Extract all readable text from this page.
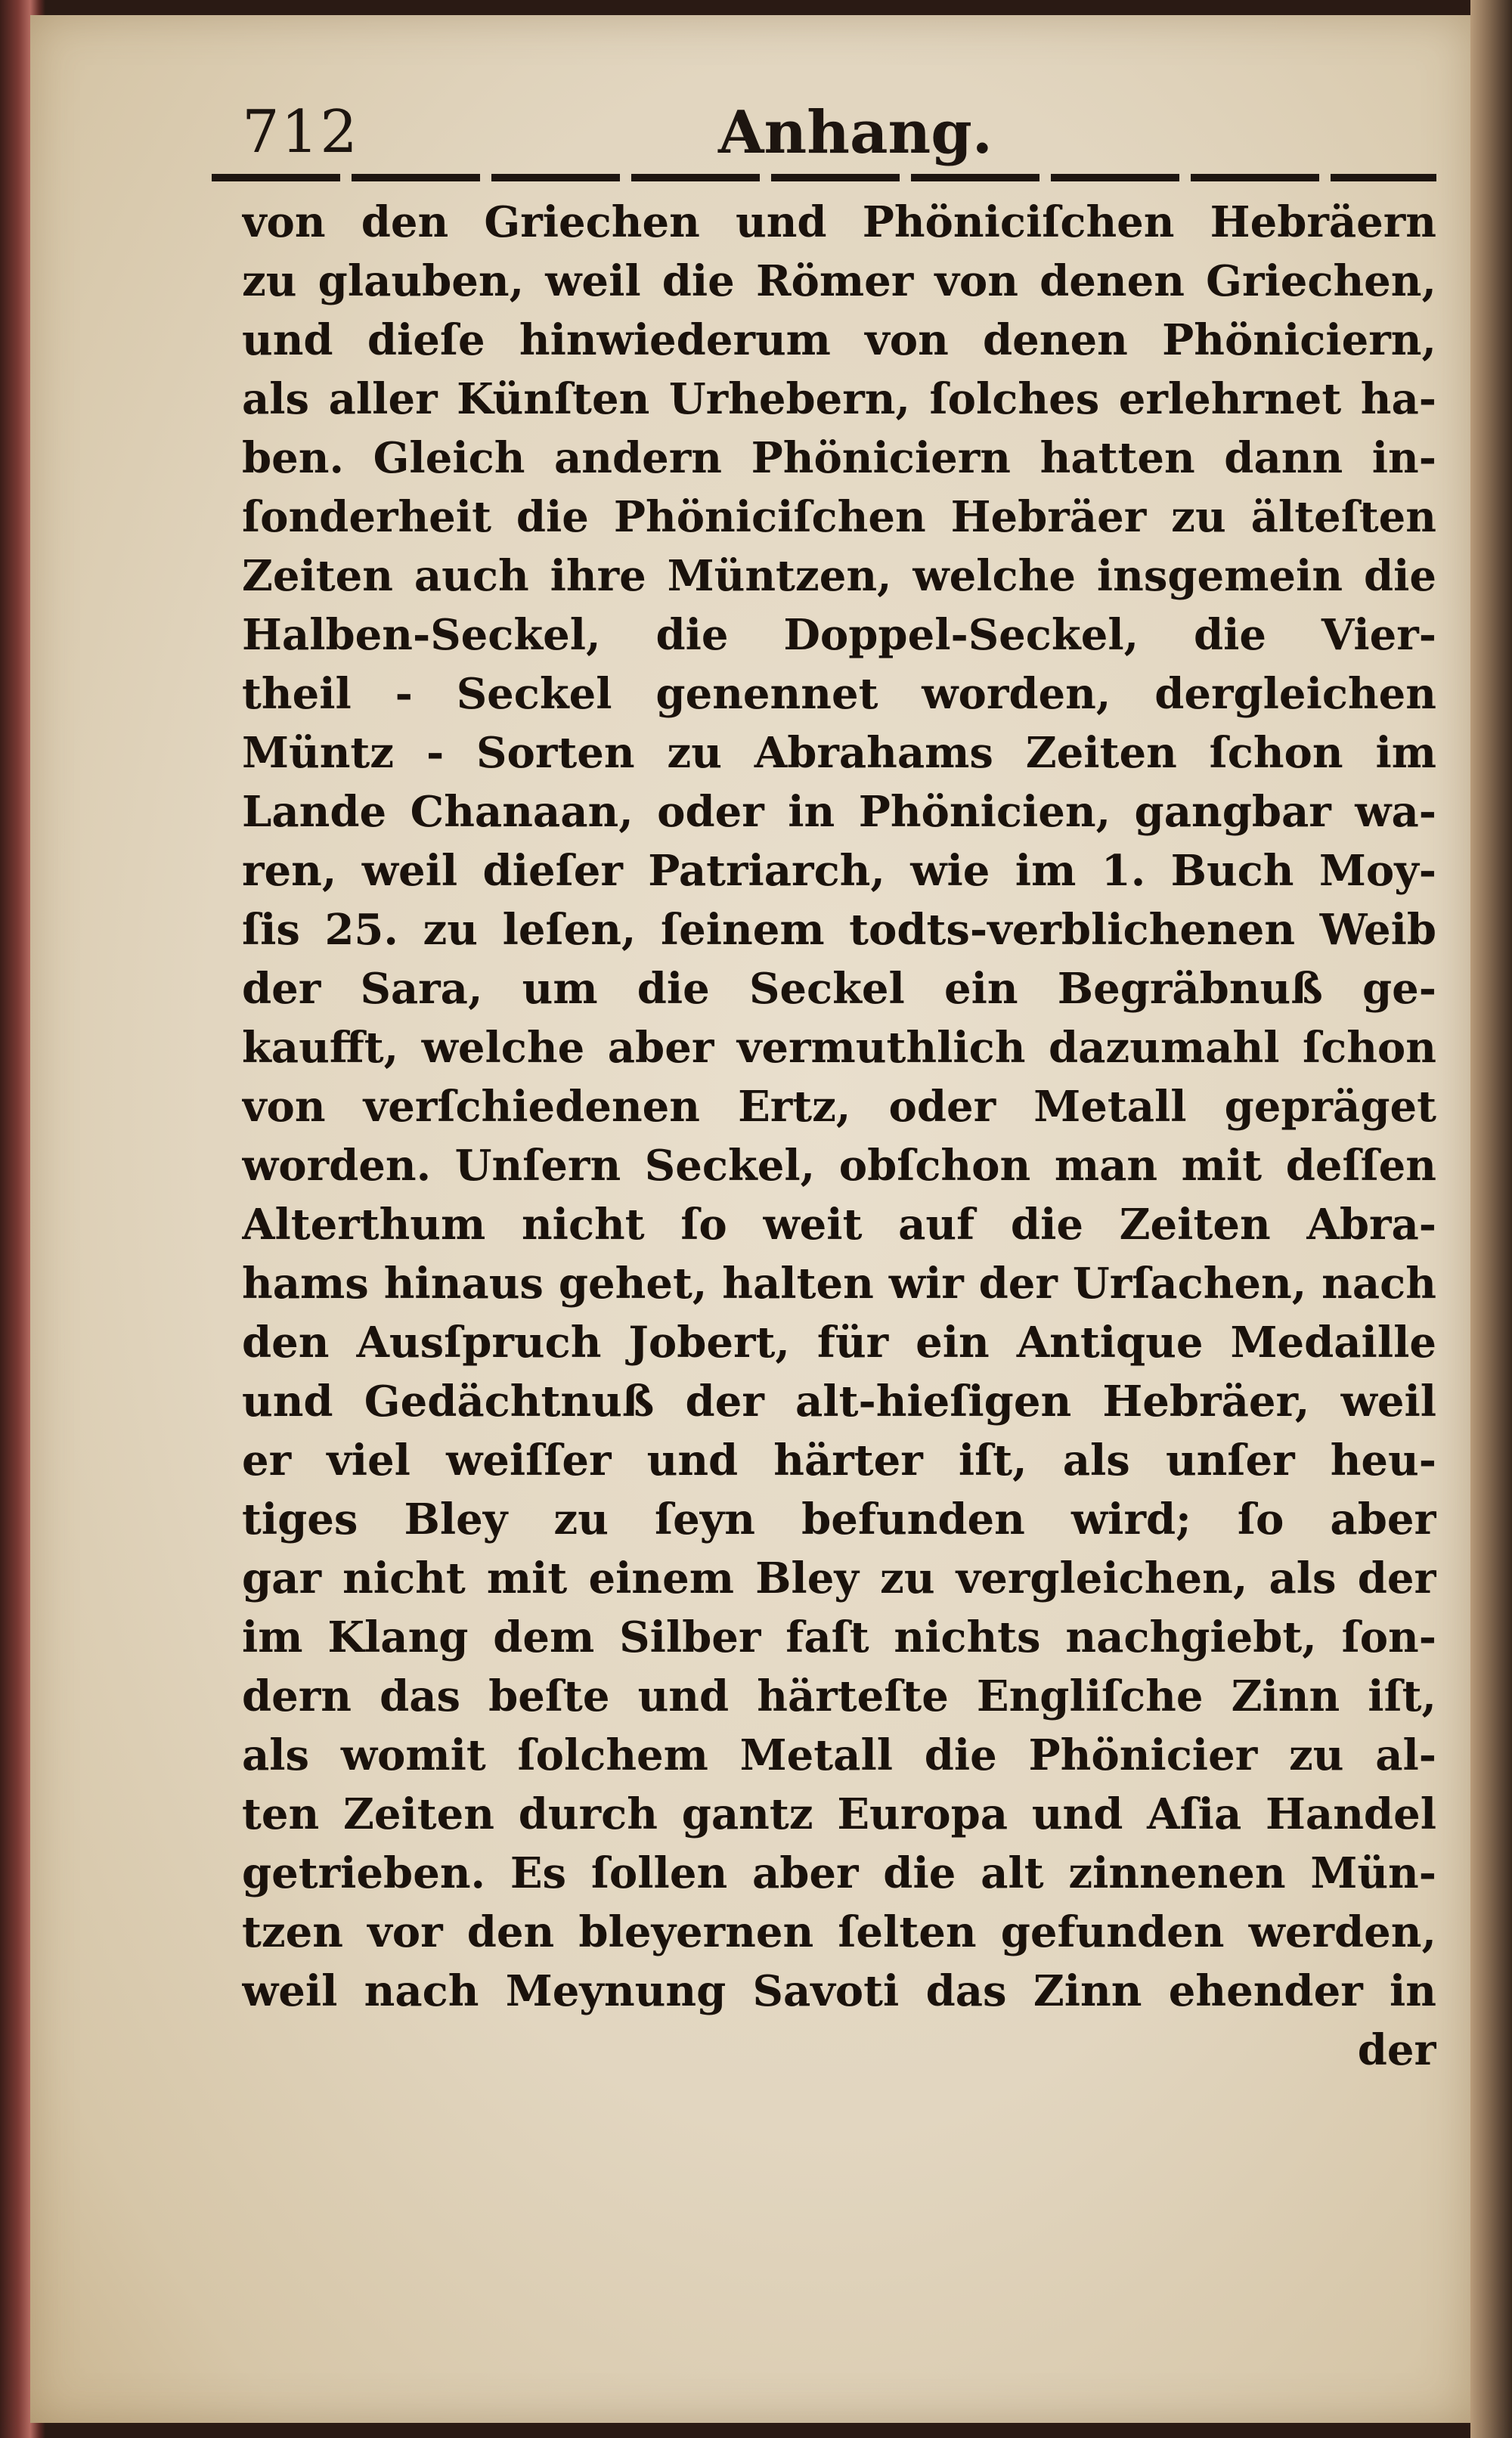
712	Anhang.
von den Griechen und Phöniciſchen Hebräern
zu glauben, weil die Römer von denen Griechen,
und dieſe hinwiederum von denen Phöniciern,
als aller Künſten Urhebern, ſolches erlehrnet ha-
ben. Gleich andern Phöniciern hatten dann in-
ſonderheit die Phöniciſchen Hebräer zu älteſten
Zeiten auch ihre Müntzen, welche insgemein die
Halben-Seckel, die Doppel-Seckel, die Vier-
theil - Seckel genennet worden, dergleichen
Müntz - Sorten zu Abrahams Zeiten ſchon im
Lande Chanaan, oder in Phönicien, gangbar wa-
ren, weil dieſer Patriarch, wie im 1. Buch Moy-
ſis 25. zu leſen, ſeinem todts-verblichenen Weib
der Sara, um die Seckel ein Begräbnuß ge-
kaufft, welche aber vermuthlich dazumahl ſchon
von verſchiedenen Ertz, oder Metall gepräget
worden. Unſern Seckel, obſchon man mit deſſen
Alterthum nicht ſo weit auf die Zeiten Abra-
hams hinaus gehet, halten wir der Urſachen, nach
den Ausſpruch Jobert, für ein Antique Medaille
und Gedächtnuß der alt-hieſigen Hebräer, weil
er viel weiſſer und härter iſt, als unſer heu-
tiges Bley zu ſeyn befunden wird; ſo aber
gar nicht mit einem Bley zu vergleichen, als der
im Klang dem Silber faſt nichts nachgiebt, ſon-
dern das beſte und härteſte Engliſche Zinn iſt,
als womit ſolchem Metall die Phönicier zu al-
ten Zeiten durch gantz Europa und Aſia Handel
getrieben. Es ſollen aber die alt zinnenen Mün-
tzen vor den bleyernen ſelten gefunden werden,
weil nach Meynung Savoti das Zinn ehender in
der
